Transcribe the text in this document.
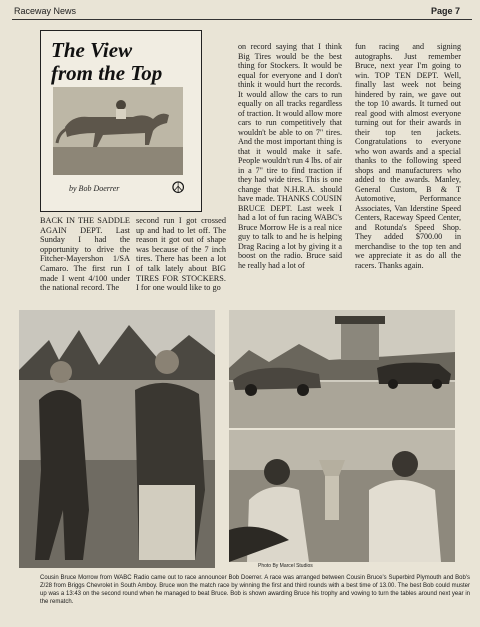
Raceway News	Page 7
The View
from the Top
by Bob Doerrer	☮

BACK IN THE SADDLE AGAIN DEPT. Last Sunday I had the opportunity to drive the Fitcher-Mayershon 1/SA Camaro. The first run I made I went 4/100 under the national record. The

second run I got crossed up and had to let off. The reason it got out of shape was because of the 7 inch tires. There has been a lot of talk lately about BIG TIRES FOR STOCKERS. I for one would like to go

on record saying that I think Big Tires would be the best thing for Stockers. It would be equal for everyone and I don't think it would hurt the records. It would allow the cars to run equally on all tracks regardless of traction. It would allow more cars to run competitively that wouldn't be able to on 7" tires. And the most important thing is that it would make it safe. People wouldn't run 4 lbs. of air in a 7" tire to find traction if they had wide tires. This is one change that N.H.R.A. should have made. THANKS COUSIN BRUCE DEPT. Last week I had a lot of fun racing WABC's Bruce Morrow He is a real nice guy to talk to and he is helping Drag Racing a lot by giving it a boost on the radio. Bruce said he really had a lot of

fun racing and signing autographs. Just remember Bruce, next year I'm going to win. TOP TEN DEPT. Well, finally last week not being hindered by rain, we gave out the top 10 awards. It turned out real good with almost everyone turning out for their awards in their top ten jackets. Congratulations to everyone who won awards and a special thanks to the following speed shops and manufacturers who added to the awards. Manley, General Custom, B & T Automotive, Performance Associates, Van Iderstine Speed Centers, Raceway Speed Center, and Rotunda's Speed Shop. They added $700.00 in merchandise to the top ten and we appreciate it as do all the racers. Thanks again.

Photo By Marcel Studios

Cousin Bruce Morrow from WABC Radio came out to race announcer Bob Doerrer. A race was arranged between Cousin Bruce's Superbird Plymouth and Bob's Z/28 from Briggs Chevrolet in South Amboy. Bruce won the match race by winning the first and third rounds with a best time of 13.00. The best Bob could muster up was a 13:43 on the second round when he managed to beat Bruce. Bob is shown awarding Bruce his trophy and vowing to turn the tables around next year in the rematch.
